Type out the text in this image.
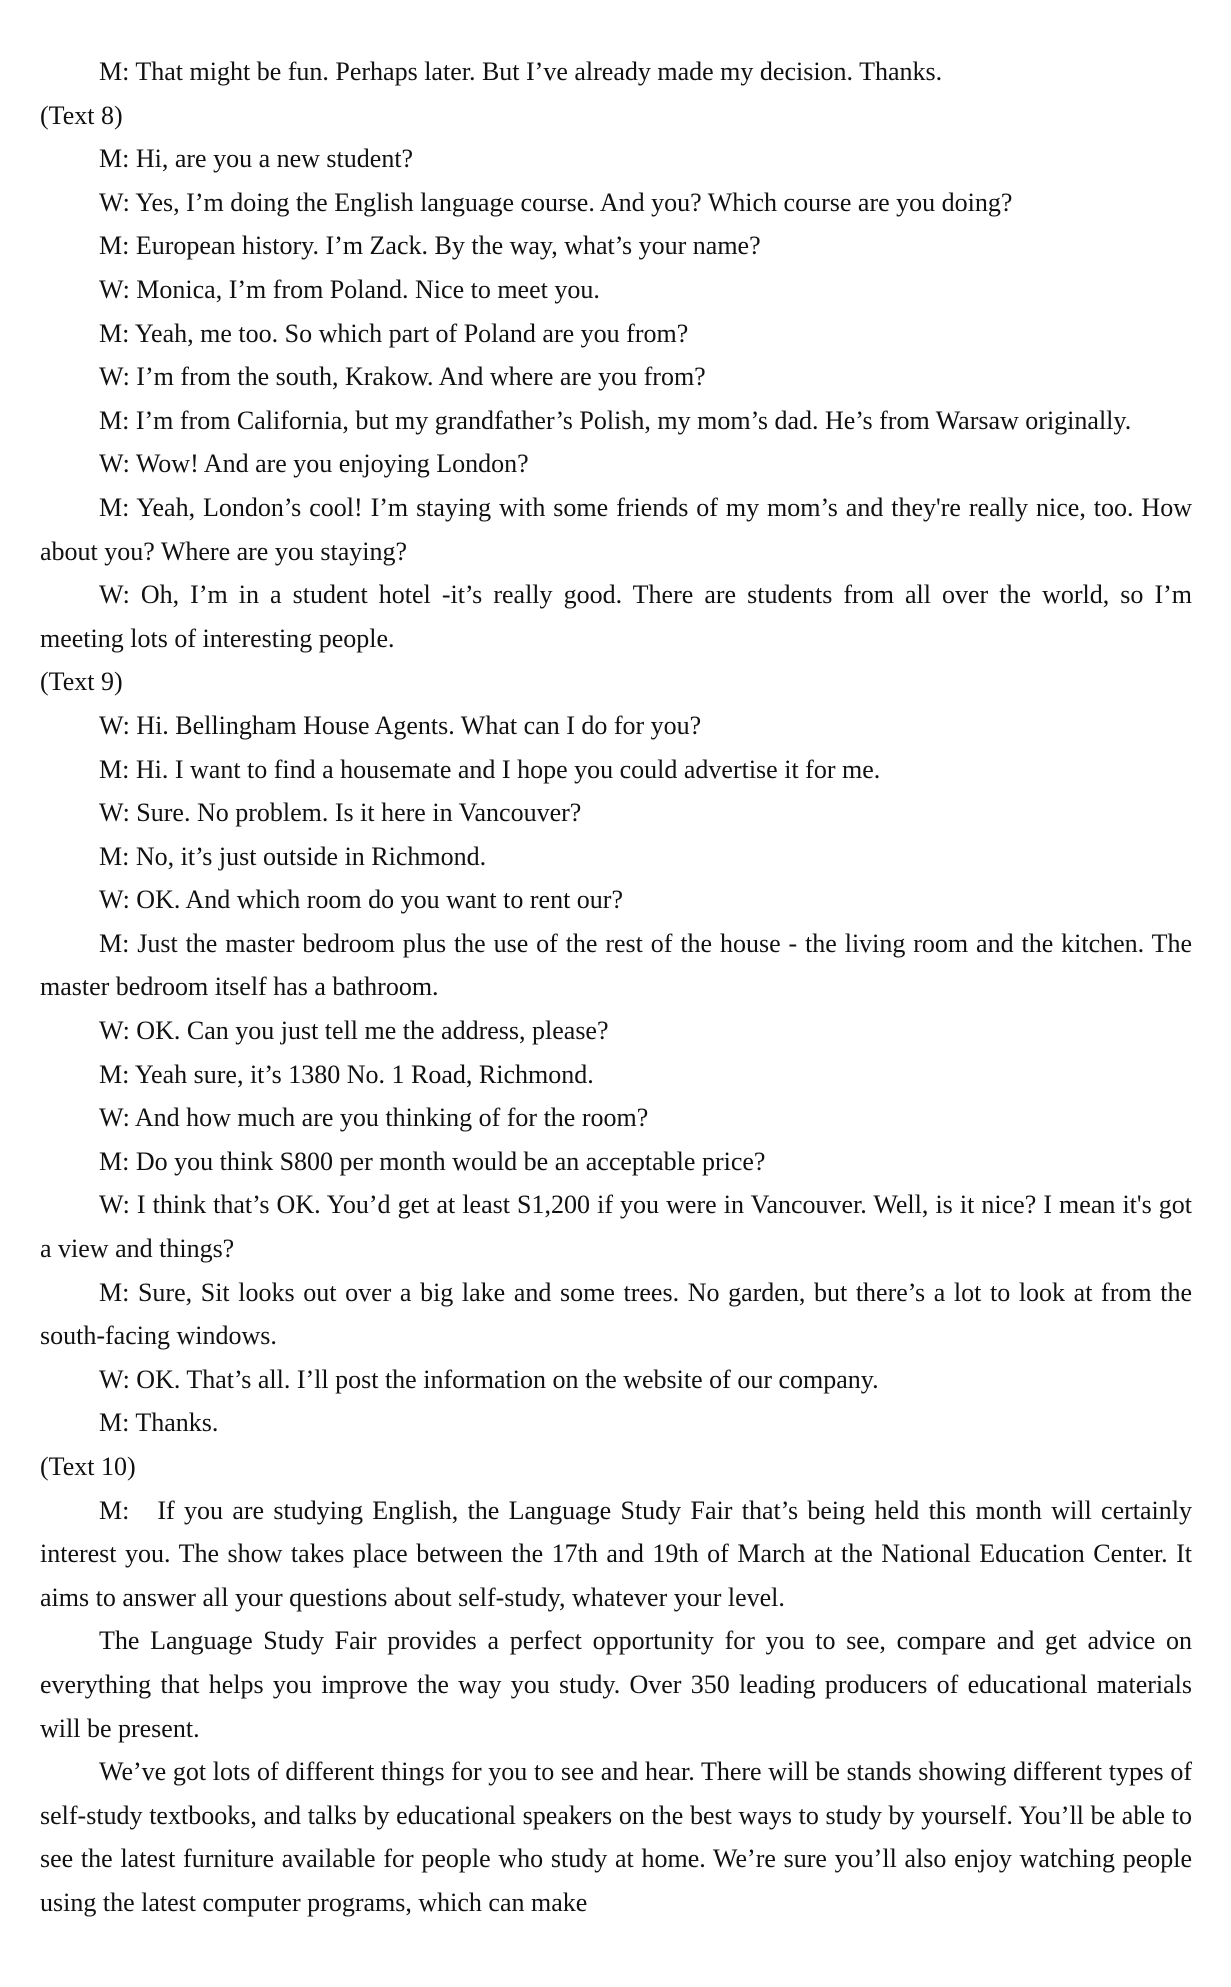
M: That might be fun. Perhaps later. But I’ve already made my decision. Thanks.

(Text 8)

M: Hi, are you a new student?

W: Yes, I’m doing the English language course. And you? Which course are you doing?

M: European history. I’m Zack. By the way, what’s your name?

W: Monica, I’m from Poland. Nice to meet you.

M: Yeah, me too. So which part of Poland are you from?

W: I’m from the south, Krakow. And where are you from?

M: I’m from California, but my grandfather’s Polish, my mom’s dad. He’s from Warsaw originally.

W: Wow! And are you enjoying London?

M: Yeah, London’s cool! I’m staying with some friends of my mom’s and they're really nice, too. How about you? Where are you staying?

W: Oh, I’m in a student hotel -it’s really good. There are students from all over the world, so I’m meeting lots of interesting people.

(Text 9)

W: Hi. Bellingham House Agents. What can I do for you?

M: Hi. I want to find a housemate and I hope you could advertise it for me.

W: Sure. No problem. Is it here in Vancouver?

M: No, it’s just outside in Richmond.

W: OK. And which room do you want to rent our?

M: Just the master bedroom plus the use of the rest of the house - the living room and the kitchen. The master bedroom itself has a bathroom.

W: OK. Can you just tell me the address, please?

M: Yeah sure, it’s 1380 No. 1 Road, Richmond.

W: And how much are you thinking of for the room?

M: Do you think S800 per month would be an acceptable price?

W: I think that’s OK. You’d get at least S1,200 if you were in Vancouver. Well, is it nice? I mean it's got a view and things?

M: Sure, Sit looks out over a big lake and some trees. No garden, but there’s a lot to look at from the south-facing windows.

W: OK. That’s all. I’ll post the information on the website of our company.

M: Thanks.

(Text 10)

M:   If you are studying English, the Language Study Fair that’s being held this month will certainly interest you. The show takes place between the 17th and 19th of March at the National Education Center. It aims to answer all your questions about self-study, whatever your level.

The Language Study Fair provides a perfect opportunity for you to see, compare and get advice on everything that helps you improve the way you study. Over 350 leading producers of educational materials will be present.

We’ve got lots of different things for you to see and hear. There will be stands showing different types of self-study textbooks, and talks by educational speakers on the best ways to study by yourself. You’ll be able to see the latest furniture available for people who study at home. We’re sure you’ll also enjoy watching people using the latest computer programs, which can make
